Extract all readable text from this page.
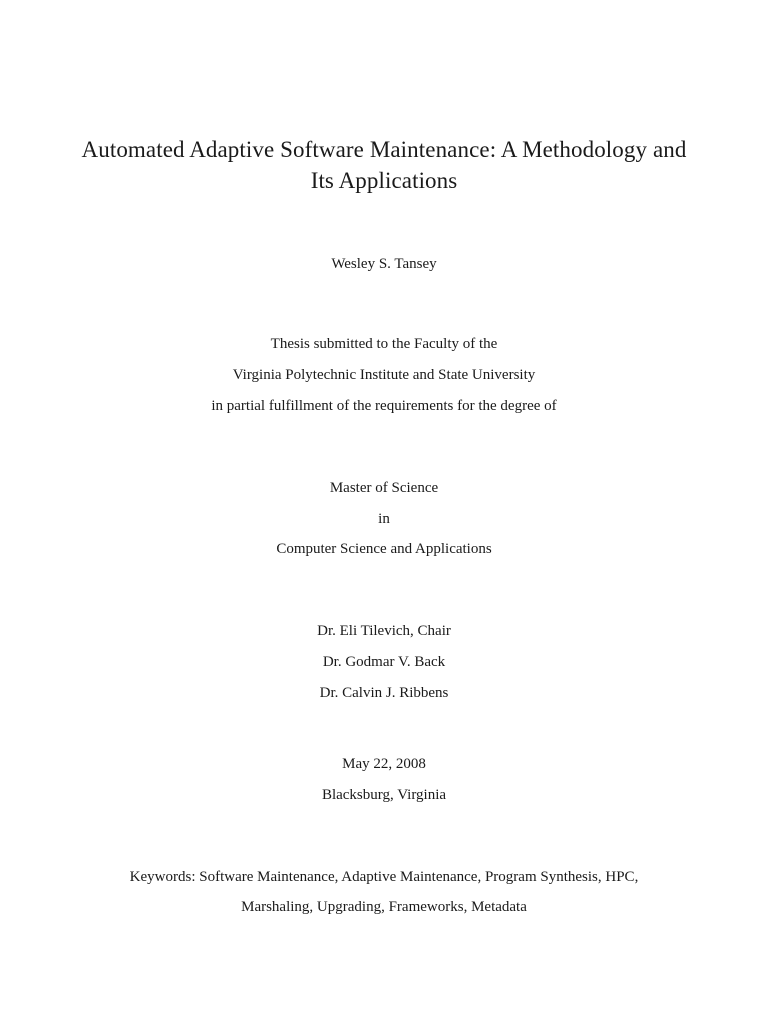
Automated Adaptive Software Maintenance: A Methodology and
Its Applications
Wesley S. Tansey
Thesis submitted to the Faculty of the
Virginia Polytechnic Institute and State University
in partial fulfillment of the requirements for the degree of
Master of Science
in
Computer Science and Applications
Dr. Eli Tilevich, Chair
Dr. Godmar V. Back
Dr. Calvin J. Ribbens
May 22, 2008
Blacksburg, Virginia
Keywords: Software Maintenance, Adaptive Maintenance, Program Synthesis, HPC,
Marshaling, Upgrading, Frameworks, Metadata
